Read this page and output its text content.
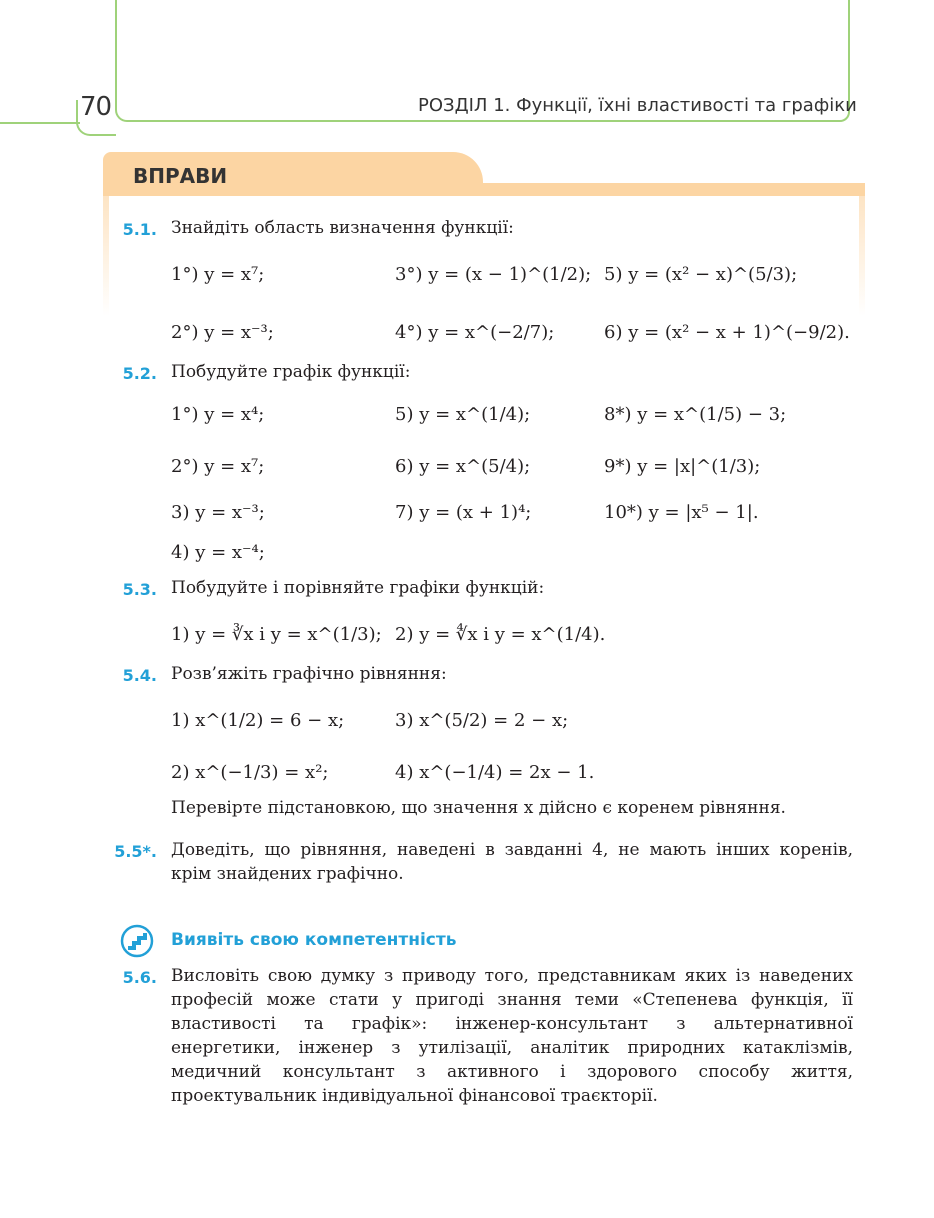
70	РОЗДІЛ 1. Функції, їхні властивості та графіки
ВПРАВИ
5.1. Знайдіть область визначення функції:
1°) y = x⁷;	3°) y = (x − 1)^(1/2); 5) y = (x² − x)^(5/3);
2°) y = x⁻³;	4°) y = x^(−2/7);	6) y = (x² − x + 1)^(−9/2).
5.2. Побудуйте графік функції:
1°) y = x⁴;	5) y = x^(1/4);	8*) y = x^(1/5) − 3;
2°) y = x⁷;	6) y = x^(5/4);	9*) y = |x|^(1/3);
3) y = x⁻³;	7) y = (x + 1)⁴;	10*) y = |x⁵ − 1|.
4) y = x⁻⁴;
5.3. Побудуйте і порівняйте графіки функцій:
1) y = ∛x і y = x^(1/3); 2) y = ∜x і y = x^(1/4).
5.4. Розв’яжіть графічно рівняння:
1) x^(1/2) = 6 − x;	3) x^(5/2) = 2 − x;
2) x^(−1/3) = x²;	4) x^(−1/4) = 2x − 1.
Перевірте підстановкою, що значення x дійсно є коренем рівняння.
5.5*. Доведіть, що рівняння, наведені в завданні 4, не мають інших коренів, крім знайдених графічно.
Виявіть свою компетентність
5.6. Висловіть свою думку з приводу того, представникам яких із наведених професій може стати у пригоді знання теми «Степенева функція, її властивості та графік»: інженер-консультант з альтернативної енергетики, інженер з утилізації, аналітик природних катаклізмів, медичний консультант з активного і здорового способу життя, проектувальник індивідуальної фінансової траєкторії.
